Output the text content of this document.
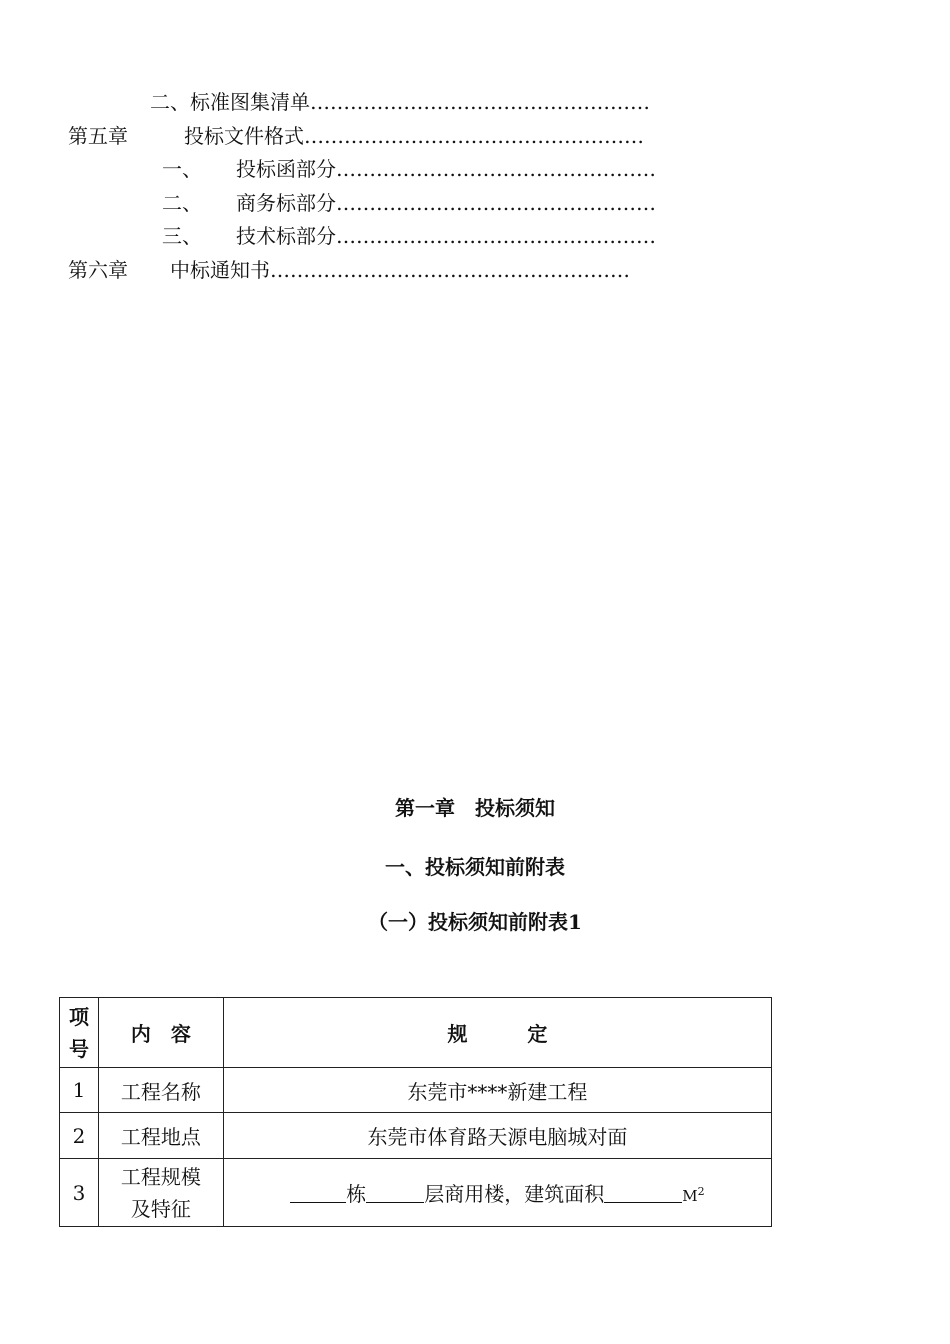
二、标准图集清单……………………………………………
第五章	投标文件格式……………………………………………
一、 投标函部分…………………………………………
二、 商务标部分…………………………………………
三、 技术标部分…………………………………………
第六章 中标通知书………………………………………………
第一章　投标须知
一、投标须知前附表
（一）投标须知前附表1
项号	内　容	规　　　定
1	工程名称	东莞市****新建工程
2	工程地点	东莞市体育路天源电脑城对面
3	工程规模及特征	栋 层商用楼，建筑面积 $M^2$
